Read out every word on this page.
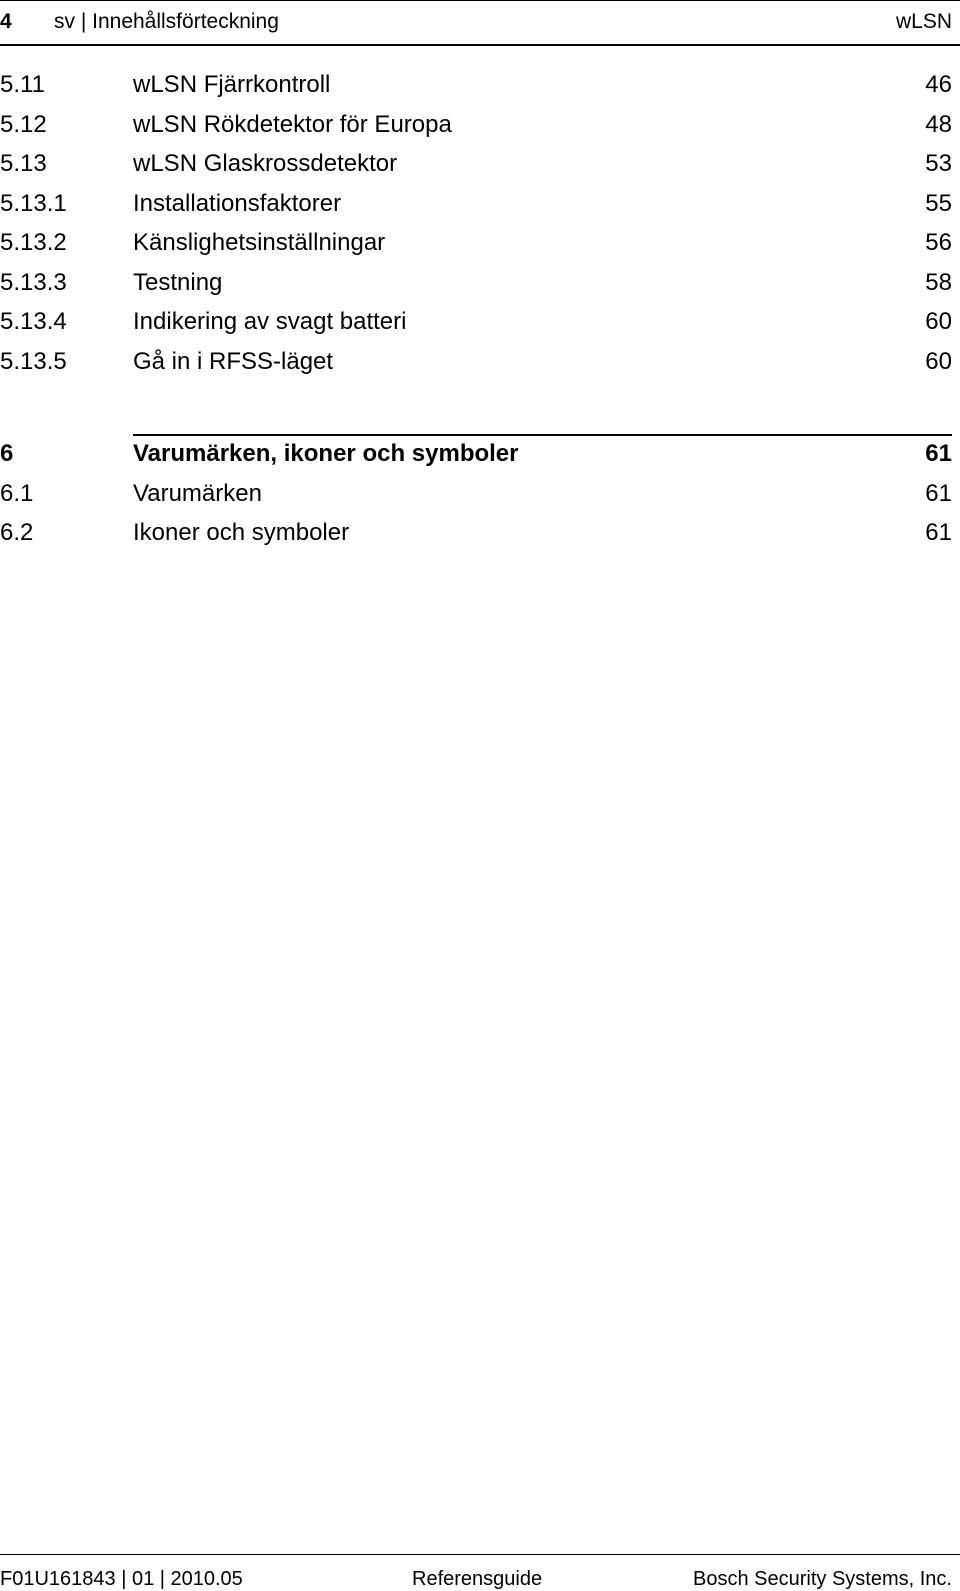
4 sv | Innehållsförteckning	wLSN
5.11	wLSN Fjärrkontroll	46
5.12	wLSN Rökdetektor för Europa	48
5.13	wLSN Glaskrossdetektor	53
5.13.1	Installationsfaktorer	55
5.13.2	Känslighetsinställningar	56
5.13.3	Testning	58
5.13.4	Indikering av svagt batteri	60
5.13.5	Gå in i RFSS-läget	60
6	Varumärken, ikoner och symboler	61
6.1	Varumärken	61
6.2	Ikoner och symboler	61
F01U161843 | 01 | 2010.05	Referensguide	Bosch Security Systems, Inc.
